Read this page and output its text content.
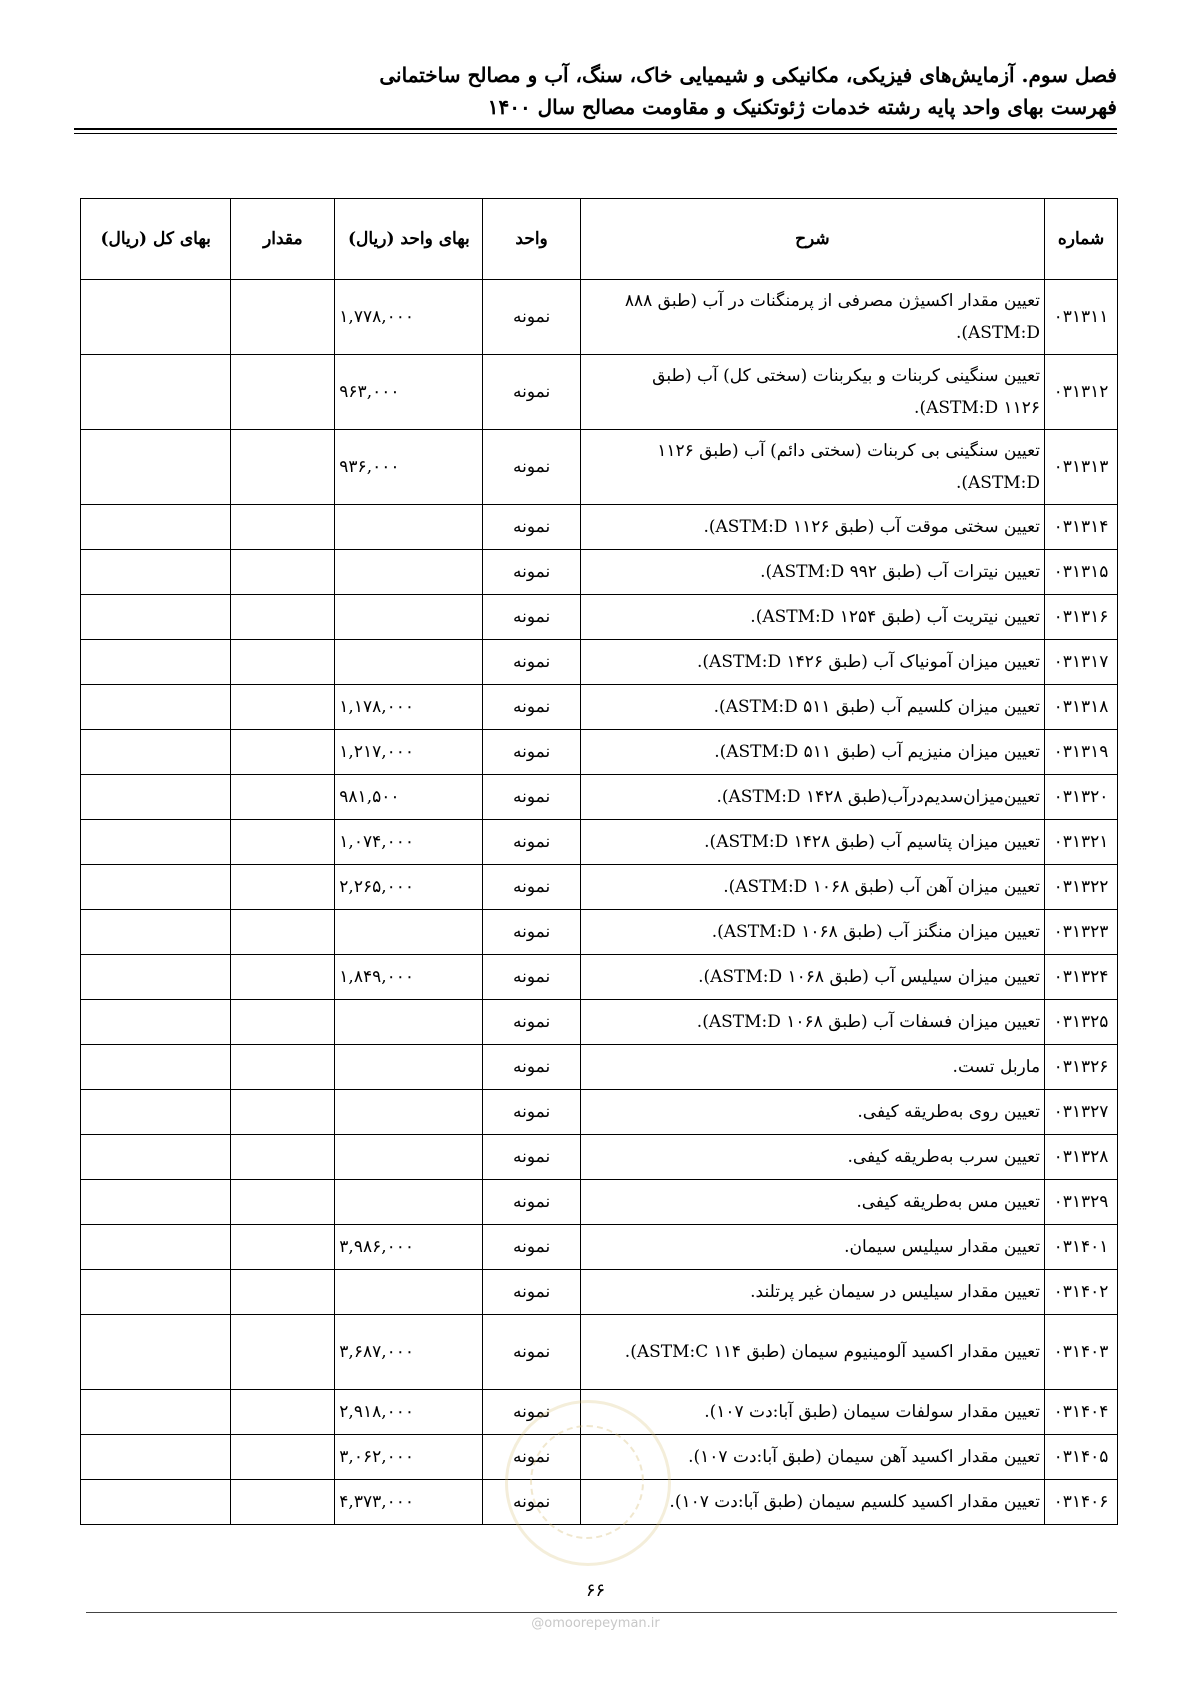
فصل سوم. آزمایش‌های فیزیکی، مکانیکی و شیمیایی خاک، سنگ، آب و مصالح ساختمانی
فهرست بهای واحد پایه رشته خدمات ژئوتکنیک و مقاومت مصالح سال ۱۴۰۰
شماره	شرح	واحد	بهای واحد (ریال)	مقدار	بهای کل (ریال)
۰۳۱۳۱۱	تعیین مقدار اکسیژن مصرفی از پرمنگنات در آب (طبق ۸۸۸ ASTM:D).	نمونه	۱,۷۷۸,۰۰۰		
۰۳۱۳۱۲	تعیین سنگینی کربنات و بیکربنات (سختی کل) آب (طبق ASTM:D ۱۱۲۶).	نمونه	۹۶۳,۰۰۰		
۰۳۱۳۱۳	تعیین سنگینی بی کربنات (سختی دائم) آب (طبق ۱۱۲۶ ASTM:D).	نمونه	۹۳۶,۰۰۰		
۰۳۱۳۱۴	تعیین سختی موقت آب (طبق ASTM:D ۱۱۲۶).	نمونه			
۰۳۱۳۱۵	تعیین نیترات آب (طبق ASTM:D ۹۹۲).	نمونه			
۰۳۱۳۱۶	تعیین نیتریت آب (طبق ASTM:D ۱۲۵۴).	نمونه			
۰۳۱۳۱۷	تعیین میزان آمونیاک آب (طبق ASTM:D ۱۴۲۶).	نمونه			
۰۳۱۳۱۸	تعیین میزان کلسیم آب (طبق ASTM:D ۵۱۱).	نمونه	۱,۱۷۸,۰۰۰		
۰۳۱۳۱۹	تعیین میزان منیزیم آب (طبق ASTM:D ۵۱۱).	نمونه	۱,۲۱۷,۰۰۰		
۰۳۱۳۲۰	تعیین‌میزان‌سدیم‌درآب(طبق ASTM:D ۱۴۲۸).	نمونه	۹۸۱,۵۰۰		
۰۳۱۳۲۱	تعیین میزان پتاسیم آب (طبق ASTM:D ۱۴۲۸).	نمونه	۱,۰۷۴,۰۰۰		
۰۳۱۳۲۲	تعیین میزان آهن آب (طبق ASTM:D ۱۰۶۸).	نمونه	۲,۲۶۵,۰۰۰		
۰۳۱۳۲۳	تعیین میزان منگنز آب (طبق ASTM:D ۱۰۶۸).	نمونه			
۰۳۱۳۲۴	تعیین میزان سیلیس آب (طبق ASTM:D ۱۰۶۸).	نمونه	۱,۸۴۹,۰۰۰		
۰۳۱۳۲۵	تعیین میزان فسفات آب (طبق ASTM:D ۱۰۶۸).	نمونه			
۰۳۱۳۲۶	ماربل تست.	نمونه			
۰۳۱۳۲۷	تعیین روی به‌طریقه کیفی.	نمونه			
۰۳۱۳۲۸	تعیین سرب به‌طریقه کیفی.	نمونه			
۰۳۱۳۲۹	تعیین مس به‌طریقه کیفی.	نمونه			
۰۳۱۴۰۱	تعیین مقدار سیلیس سیمان.	نمونه	۳,۹۸۶,۰۰۰		
۰۳۱۴۰۲	تعیین مقدار سیلیس در سیمان غیر پرتلند.	نمونه			
۰۳۱۴۰۳	تعیین مقدار اکسید آلومینیوم سیمان (طبق ۱۱۴ ASTM:C).	نمونه	۳,۶۸۷,۰۰۰		
۰۳۱۴۰۴	تعیین مقدار سولفات سیمان (طبق آبا:دت ۱۰۷).	نمونه	۲,۹۱۸,۰۰۰		
۰۳۱۴۰۵	تعیین مقدار اکسید آهن سیمان (طبق آبا:دت ۱۰۷).	نمونه	۳,۰۶۲,۰۰۰		
۰۳۱۴۰۶	تعیین مقدار اکسید کلسیم سیمان (طبق آبا:دت ۱۰۷).	نمونه	۴,۳۷۳,۰۰۰		
۶۶
@omoorepeyman.ir
